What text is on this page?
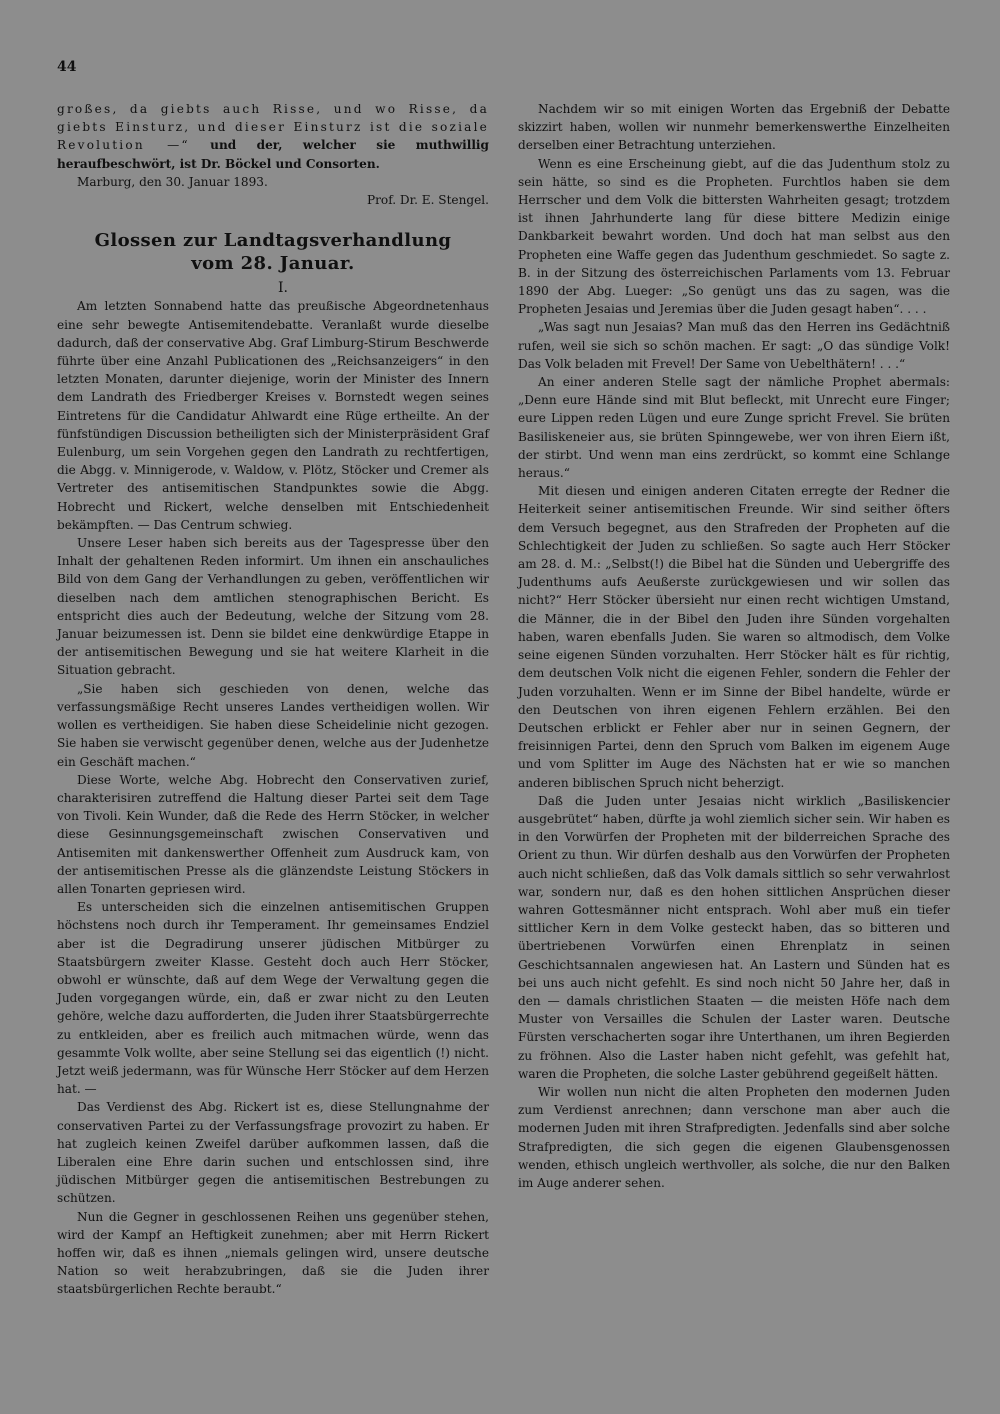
44

großes, da giebts auch Risse, und wo Risse, da giebts Einsturz, und dieser Einsturz ist die soziale Revolution —“ und der, welcher sie muthwillig heraufbeschwört, ist Dr. Böckel und Consorten.

Marburg, den 30. Januar 1893.

Prof. Dr. E. Stengel.

Glossen zur Landtagsverhandlung
vom 28. Januar.

I.

Am letzten Sonnabend hatte das preußische Abgeordnetenhaus eine sehr bewegte Antisemitendebatte. Veranlaßt wurde dieselbe dadurch, daß der conservative Abg. Graf Limburg-Stirum Beschwerde führte über eine Anzahl Publicationen des „Reichsanzeigers“ in den letzten Monaten, darunter diejenige, worin der Minister des Innern dem Landrath des Friedberger Kreises v. Bornstedt wegen seines Eintretens für die Candidatur Ahlwardt eine Rüge ertheilte. An der fünfstündigen Discussion betheiligten sich der Ministerpräsident Graf Eulenburg, um sein Vorgehen gegen den Landrath zu rechtfertigen, die Abgg. v. Minnigerode, v. Waldow, v. Plötz, Stöcker und Cremer als Vertreter des antisemitischen Standpunktes sowie die Abgg. Hobrecht und Rickert, welche denselben mit Entschiedenheit bekämpften. — Das Centrum schwieg.

Unsere Leser haben sich bereits aus der Tagespresse über den Inhalt der gehaltenen Reden informirt. Um ihnen ein anschauliches Bild von dem Gang der Verhandlungen zu geben, veröffentlichen wir dieselben nach dem amtlichen stenographischen Bericht. Es entspricht dies auch der Bedeutung, welche der Sitzung vom 28. Januar beizumessen ist. Denn sie bildet eine denkwürdige Etappe in der antisemitischen Bewegung und sie hat weitere Klarheit in die Situation gebracht.

„Sie haben sich geschieden von denen, welche das verfassungsmäßige Recht unseres Landes vertheidigen wollen. Wir wollen es vertheidigen. Sie haben diese Scheidelinie nicht gezogen. Sie haben sie verwischt gegenüber denen, welche aus der Judenhetze ein Geschäft machen.“

Diese Worte, welche Abg. Hobrecht den Conservativen zurief, charakterisiren zutreffend die Haltung dieser Partei seit dem Tage von Tivoli. Kein Wunder, daß die Rede des Herrn Stöcker, in welcher diese Gesinnungsgemeinschaft zwischen Conservativen und Antisemiten mit dankenswerther Offenheit zum Ausdruck kam, von der antisemitischen Presse als die glänzendste Leistung Stöckers in allen Tonarten gepriesen wird.

Es unterscheiden sich die einzelnen antisemitischen Gruppen höchstens noch durch ihr Temperament. Ihr gemeinsames Endziel aber ist die Degradirung unserer jüdischen Mitbürger zu Staatsbürgern zweiter Klasse. Gesteht doch auch Herr Stöcker, obwohl er wünschte, daß auf dem Wege der Verwaltung gegen die Juden vorgegangen würde, ein, daß er zwar nicht zu den Leuten gehöre, welche dazu aufforderten, die Juden ihrer Staatsbürgerrechte zu entkleiden, aber es freilich auch mitmachen würde, wenn das gesammte Volk wollte, aber seine Stellung sei das eigentlich (!) nicht. Jetzt weiß jedermann, was für Wünsche Herr Stöcker auf dem Herzen hat. —

Das Verdienst des Abg. Rickert ist es, diese Stellungnahme der conservativen Partei zu der Verfassungsfrage provozirt zu haben. Er hat zugleich keinen Zweifel darüber aufkommen lassen, daß die Liberalen eine Ehre darin suchen und entschlossen sind, ihre jüdischen Mitbürger gegen die antisemitischen Bestrebungen zu schützen.

Nun die Gegner in geschlossenen Reihen uns gegenüber stehen, wird der Kampf an Heftigkeit zunehmen; aber mit Herrn Rickert hoffen wir, daß es ihnen „niemals gelingen wird, unsere deutsche Nation so weit herabzubringen, daß sie die Juden ihrer staatsbürgerlichen Rechte beraubt.“

Nachdem wir so mit einigen Worten das Ergebniß der Debatte skizzirt haben, wollen wir nunmehr bemerkenswerthe Einzelheiten derselben einer Betrachtung unterziehen.

Wenn es eine Erscheinung giebt, auf die das Judenthum stolz zu sein hätte, so sind es die Propheten. Furchtlos haben sie dem Herrscher und dem Volk die bittersten Wahrheiten gesagt; trotzdem ist ihnen Jahrhunderte lang für diese bittere Medizin einige Dankbarkeit bewahrt worden. Und doch hat man selbst aus den Propheten eine Waffe gegen das Judenthum geschmiedet. So sagte z. B. in der Sitzung des österreichischen Parlaments vom 13. Februar 1890 der Abg. Lueger: „So genügt uns das zu sagen, was die Propheten Jesaias und Jeremias über die Juden gesagt haben“. . . .

„Was sagt nun Jesaias? Man muß das den Herren ins Gedächtniß rufen, weil sie sich so schön machen. Er sagt: „O das sündige Volk! Das Volk beladen mit Frevel! Der Same von Uebelthätern! . . .“

An einer anderen Stelle sagt der nämliche Prophet abermals: „Denn eure Hände sind mit Blut befleckt, mit Unrecht eure Finger; eure Lippen reden Lügen und eure Zunge spricht Frevel. Sie brüten Basiliskeneier aus, sie brüten Spinngewebe, wer von ihren Eiern ißt, der stirbt. Und wenn man eins zerdrückt, so kommt eine Schlange heraus.“

Mit diesen und einigen anderen Citaten erregte der Redner die Heiterkeit seiner antisemitischen Freunde. Wir sind seither öfters dem Versuch begegnet, aus den Strafreden der Propheten auf die Schlechtigkeit der Juden zu schließen. So sagte auch Herr Stöcker am 28. d. M.: „Selbst(!) die Bibel hat die Sünden und Uebergriffe des Judenthums aufs Aeußerste zurückgewiesen und wir sollen das nicht?“ Herr Stöcker übersieht nur einen recht wichtigen Umstand, die Männer, die in der Bibel den Juden ihre Sünden vorgehalten haben, waren ebenfalls Juden. Sie waren so altmodisch, dem Volke seine eigenen Sünden vorzuhalten. Herr Stöcker hält es für richtig, dem deutschen Volk nicht die eigenen Fehler, sondern die Fehler der Juden vorzuhalten. Wenn er im Sinne der Bibel handelte, würde er den Deutschen von ihren eigenen Fehlern erzählen. Bei den Deutschen erblickt er Fehler aber nur in seinen Gegnern, der freisinnigen Partei, denn den Spruch vom Balken im eigenem Auge und vom Splitter im Auge des Nächsten hat er wie so manchen anderen biblischen Spruch nicht beherzigt.

Daß die Juden unter Jesaias nicht wirklich „Basiliskencier ausgebrütet“ haben, dürfte ja wohl ziemlich sicher sein. Wir haben es in den Vorwürfen der Propheten mit der bilderreichen Sprache des Orient zu thun. Wir dürfen deshalb aus den Vorwürfen der Propheten auch nicht schließen, daß das Volk damals sittlich so sehr verwahrlost war, sondern nur, daß es den hohen sittlichen Ansprüchen dieser wahren Gottesmänner nicht entsprach. Wohl aber muß ein tiefer sittlicher Kern in dem Volke gesteckt haben, das so bitteren und übertriebenen Vorwürfen einen Ehrenplatz in seinen Geschichtsannalen angewiesen hat. An Lastern und Sünden hat es bei uns auch nicht gefehlt. Es sind noch nicht 50 Jahre her, daß in den — damals christlichen Staaten — die meisten Höfe nach dem Muster von Versailles die Schulen der Laster waren. Deutsche Fürsten verschacherten sogar ihre Unterthanen, um ihren Begierden zu fröhnen. Also die Laster haben nicht gefehlt, was gefehlt hat, waren die Propheten, die solche Laster gebührend gegeißelt hätten.

Wir wollen nun nicht die alten Propheten den modernen Juden zum Verdienst anrechnen; dann verschone man aber auch die modernen Juden mit ihren Strafpredigten. Jedenfalls sind aber solche Strafpredigten, die sich gegen die eigenen Glaubensgenossen wenden, ethisch ungleich werthvoller, als solche, die nur den Balken im Auge anderer sehen.
